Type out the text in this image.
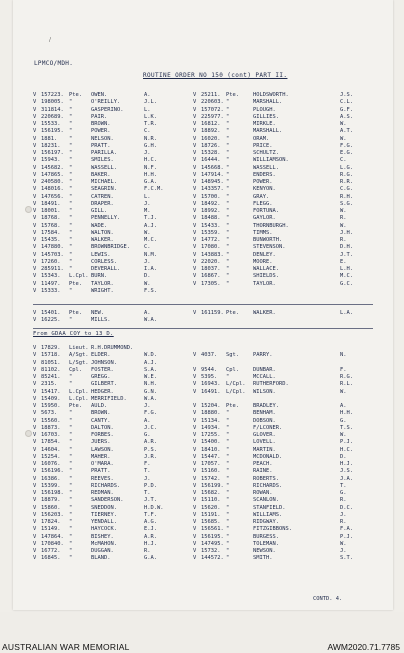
/
LPMCO/MDH.
ROUTINE ORDER NO 150 (cont) PART II.
V 157223. Pte. OWEN.	A.	V 25211. Pte.	HOLDSWORTH.	J.S.
V 198005. "	O'REILLY.	J.L.	V 220603. "	MARSHALL.	C.L.
V 311814. "	GASPERINO.	L.	V 157072. "	PLOUGH.	G.F.
V 220689. "	PAIR.	L.K.	V 225977. "	GILLIES.	A.S.
V 15533. "	BROWN.	T.R.	V 16812. "	MIRKLE.	W.
V 156195. "	POWER.	C.	V 18892. "	MARSHALL.	A.T.
V 1881. "	NELSON.	N.R.	V 16020. "	ORAM.	W.
V 18231. "	PRATT.	G.H.	V 18726. "	PRICE.	F.G.
V 156197. "	PARILLA.	J.	V 15328. "	SCHULTZ.	E.G.
V 15943. "	SMILES.	H.C.	V 16444. "	WILLIAMSON.	C.
V 145682. "	WASSELL.	N.F.	V 145668. "	WASSELL.	L.G.
V 147865. "	BAKER.	H.H.	V 147914. "	ENDERS.	R.G.
V 240580. "	MICHAEL.	G.A.	V 148945. "	POWER.	R.R.
V 148016. "	SEAGRIN.	F.C.M.	V 143357. "	KENYON.	C.G.
V 147656. "	CATREN.	L.	V 15700. "	GRAY.	R.H.
V 18491. "	DRAPER.	J.	V 18492. "	FLEGG.	S.G.
V 18001. "	GILL.	M.	V 18992. "	FORTUNA.	W.
V 18768. "	PENNELLY.	T.J.	V 18488. "	GAYLOR.	R.
V 15768. "	WADE.	A.J.	V 15433. "	THORNBURGH.	W.
V 17584. "	WALTON.	W.	V 15359. "	TIMMS.	J.H.
V 15435. "	WALKER.	M.C.	V 14772. "	BUNWORTH.	R.
V 147880. "	BROWNBRIDGE.	C.	V 17080. "	STEVENSON.	D.H.
V 145703. "	LEWIS.	N.M.	V 143883. "	DENLEY.	J.T.
V 17260. "	CORLESS.	J.	V 22020. "	MOORE.	E.
V 285911. "	DEVERALL.	I.A.	V 18037. "	WALLACE.	L.H.
V 15343. L.Cpl. BURN.	D.	V 16867. "	SHIELDS.	M.C.
V 11497. Pte. TAYLOR.	W.	V 17305. "	TAYLOR.	G.C.
V 15333. "	WRIGHT.	F.S.
V 15401. Pte. NEW.	A.	V 161159. Pte.	WALKER.	L.A.
V 16225. "	MILLS.	W.A.
From GDAA COY to 13 D.
V 17829. Lieut. R.H.DRUMMOND.
V 15718. A/Sgt. ELDER.	W.D.	V 4037. Sgt.	PARRY.	N.
V 81051. L/Sgt. JOHNSON.	A.J.
V 81102. Cpl. FOSTER.	S.A.	V 9544. Cpl.	DUNBAR.	F.
V 85241. "	GREGG.	W.E.	V 5395. "	MCCALL.	R.G.
V 2315. "	GILBERT.	N.H.	V 16943. L/Cpl. RUTHERFORD.	R.L.
V 15417. L.Cpl. HEDGER.	G.N.	V 16491. L/Cpl. WILSON.	W.
V 15409. L.Cpl. MERRIFIELD.	W.A.
V 15950. Pte. AULD.	J.	V 15204. Pte.	BRADLEY.	A.
V 5673. "	BROWN.	F.G.	V 18880. "	BENHAM.	H.H.
V 15560. "	CANTY.	A.	V 15134. "	DOBSON.	G.
V 18873. "	DALTON.	J.C.	V 14934. "	F/LCONER.	T.S.
V 16703. "	FORBES.	G.	V 17255. "	GLOVER.	W.
V 17854. "	JUERS.	A.R.	V 15400. "	LOVELL.	P.J.
V 14604. "	LAWSON.	P.S.	V 18410. "	MARTIN.	H.C.
V 15254. "	MAHER.	J.R.	V 15447. "	MCDONALD.	D.
V 16076. "	O'MARA.	F.	V 17057. "	PEACH.	H.J.
V 156196. "	PRATT.	T.	V 15160. "	RAINE.	J.S.
V 16386. "	REEVES.	J.	V 15742. "	ROBERTS.	J.A.
V 15399. "	RICHARDS.	P.D.	V 156199. "	RICHARDS.	T.
V 156198. "	REDMAN.	T.	V 15682. "	ROWAN.	G.
V 18879. "	SANDERSON.	J.T.	V 15110. "	SCANLON.	R.
V 15860. "	SNEDDON.	H.D.W.	V 15620. "	STANFIELD.	D.C.
V 156203. "	TIERNEY.	T.F.	V 15191. "	WILLIAMS.	J.
V 17824. "	YENDALL.	A.G.	V 15685. "	RIDGWAY.	R.
V 15149. "	HAYCOCK.	E.J.	V 156561. "	FITZGIBBONS.	F.A.
V 147864. "	BISHEY.	A.R.	V 156195. "	BURGESS.	P.J.
V 170840. "	McMAHON.	H.J.	V 147495. "	TOLEMAN.	W.
V 16772. "	DUGGAN.	R.	V 15732. "	NEWSON.	J.
V 16845. "	BLAND.	G.A.	V 144572. "	SMITH.	S.T.
CONTD. 4.
AUSTRALIAN WAR MEMORIAL	AWM2020.71.7785
